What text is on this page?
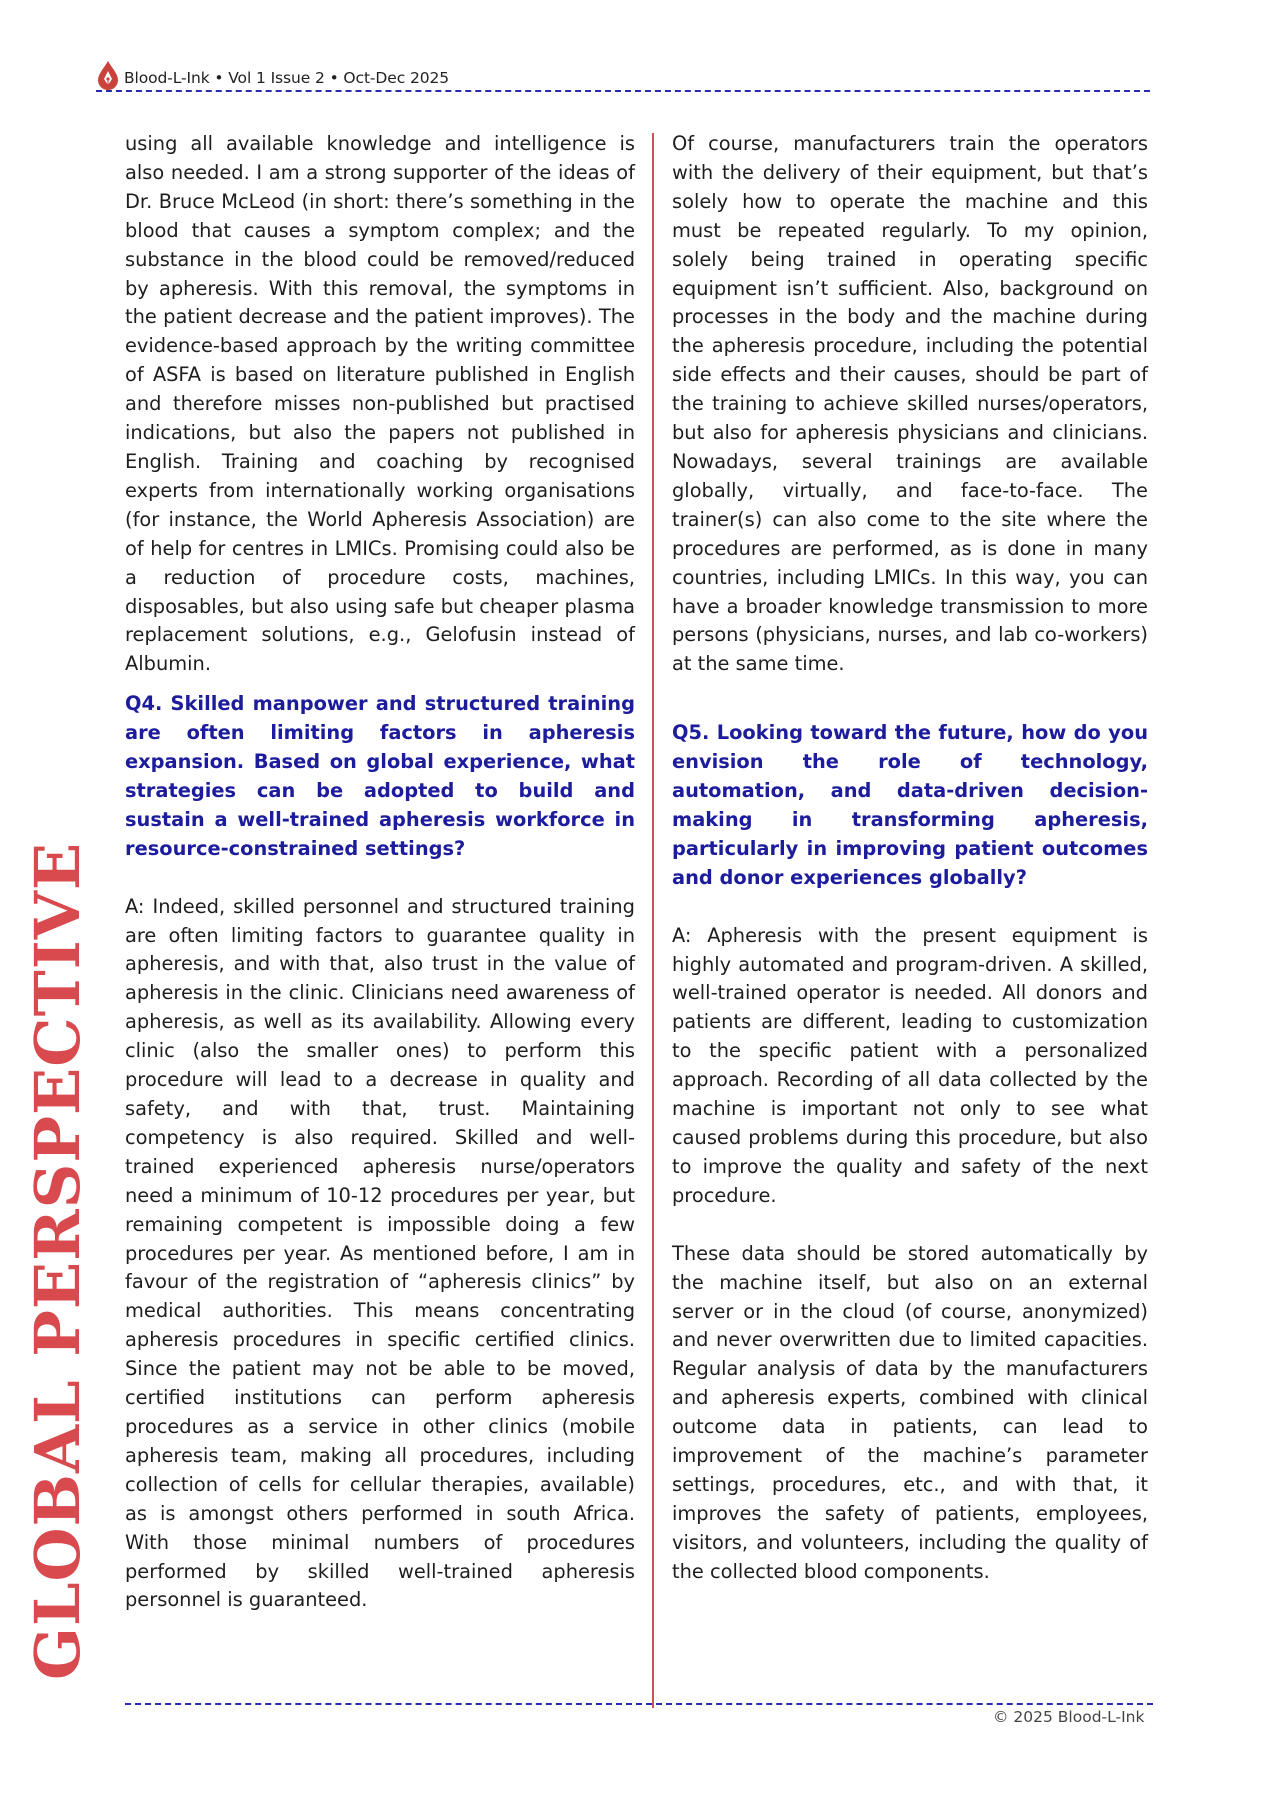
Blood-L-Ink • Vol 1 Issue 2 • Oct-Dec 2025
GLOBAL PERSPECTIVE

using all available knowledge and intelligence is also needed. I am a strong supporter of the ideas of Dr. Bruce McLeod (in short: there’s something in the blood that causes a symptom complex; and the substance in the blood could be removed/reduced by apheresis. With this removal, the symptoms in the patient decrease and the patient improves). The evidence-based approach by the writing committee of ASFA is based on literature published in English and therefore misses non-published but practised indications, but also the papers not published in English. Training and coaching by recognised experts from internationally working organisations (for instance, the World Apheresis Association) are of help for centres in LMICs. Promising could also be a reduction of procedure costs, machines, disposables, but also using safe but cheaper plasma replacement solutions, e.g., Gelofusin instead of Albumin.

Q4. Skilled manpower and structured training are often limiting factors in apheresis expansion. Based on global experience, what strategies can be adopted to build and sustain a well-trained apheresis workforce in resource-constrained settings?

A: Indeed, skilled personnel and structured training are often limiting factors to guarantee quality in apheresis, and with that, also trust in the value of apheresis in the clinic. Clinicians need awareness of apheresis, as well as its availability. Allowing every clinic (also the smaller ones) to perform this procedure will lead to a decrease in quality and safety, and with that, trust. Maintaining competency is also required. Skilled and well-trained experienced apheresis nurse/operators need a minimum of 10-12 procedures per year, but remaining competent is impossible doing a few procedures per year. As mentioned before, I am in favour of the registration of “apheresis clinics” by medical authorities. This means concentrating apheresis procedures in specific certified clinics. Since the patient may not be able to be moved, certified institutions can perform apheresis procedures as a service in other clinics (mobile apheresis team, making all procedures, including collection of cells for cellular therapies, available) as is amongst others performed in south Africa. With those minimal numbers of procedures performed by skilled well-trained apheresis personnel is guaranteed.

Of course, manufacturers train the operators with the delivery of their equipment, but that’s solely how to operate the machine and this must be repeated regularly. To my opinion, solely being trained in operating specific equipment isn’t sufficient. Also, background on processes in the body and the machine during the apheresis procedure, including the potential side effects and their causes, should be part of the training to achieve skilled nurses/operators, but also for apheresis physicians and clinicians. Nowadays, several trainings are available globally, virtually, and face-to-face. The trainer(s) can also come to the site where the procedures are performed, as is done in many countries, including LMICs. In this way, you can have a broader knowledge transmission to more persons (physicians, nurses, and lab co-workers) at the same time.

Q5. Looking toward the future, how do you envision the role of technology, automation, and data-driven decision-making in transforming apheresis, particularly in improving patient outcomes and donor experiences globally?

A: Apheresis with the present equipment is highly automated and program-driven. A skilled, well-trained operator is needed. All donors and patients are different, leading to customization to the specific patient with a personalized approach. Recording of all data collected by the machine is important not only to see what caused problems during this procedure, but also to improve the quality and safety of the next procedure.

These data should be stored automatically by the machine itself, but also on an external server or in the cloud (of course, anonymized) and never overwritten due to limited capacities. Regular analysis of data by the manufacturers and apheresis experts, combined with clinical outcome data in patients, can lead to improvement of the machine’s parameter settings, procedures, etc., and with that, it improves the safety of patients, employees, visitors, and volunteers, including the quality of the collected blood components.

© 2025 Blood-L-Ink
